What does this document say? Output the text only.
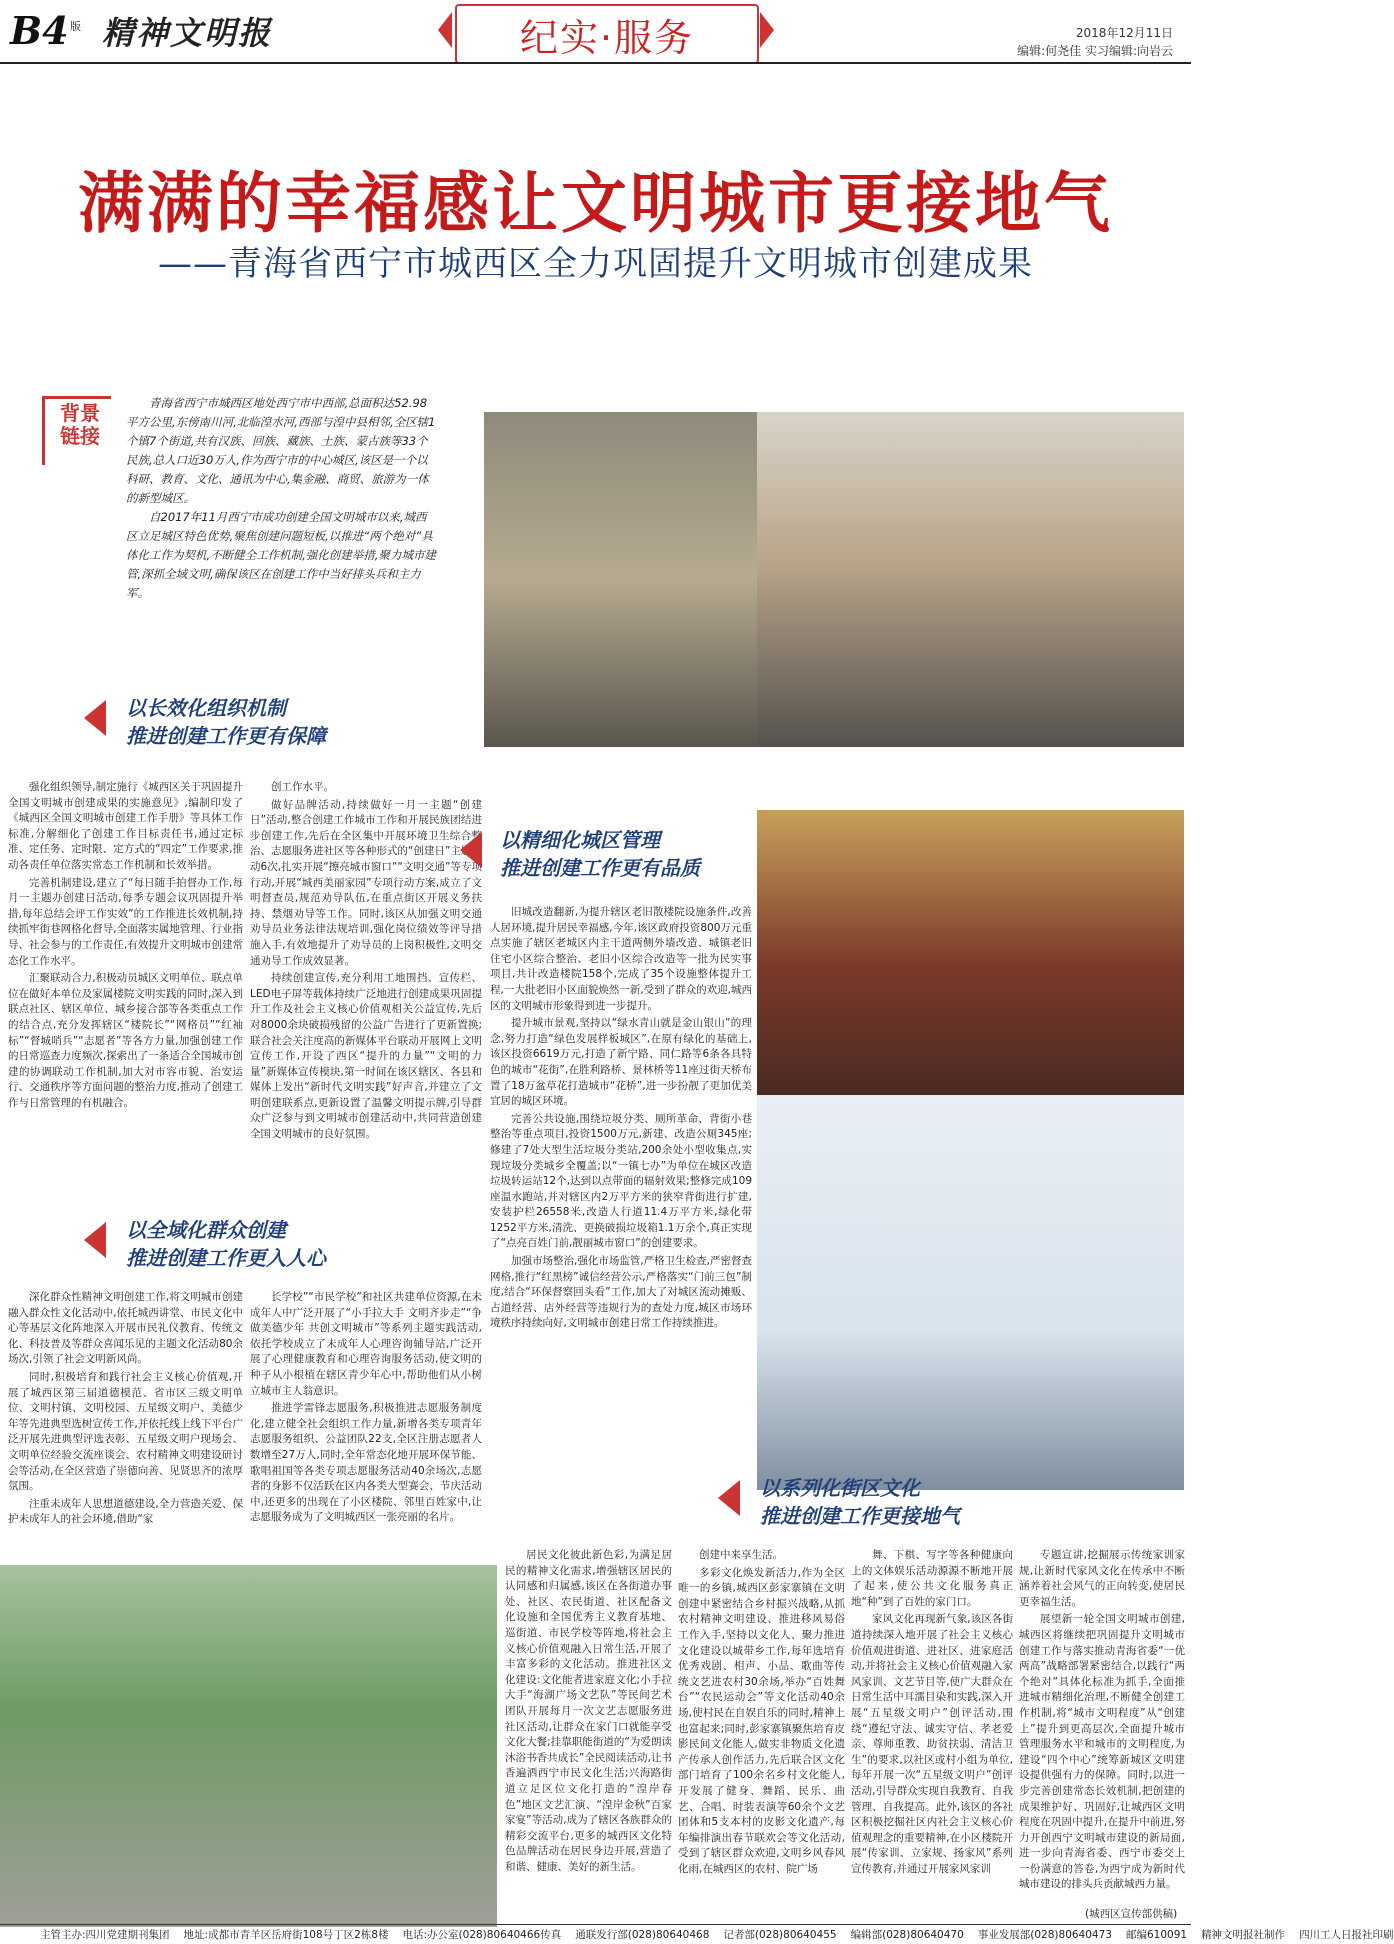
B4 版 精神文明报	纪实·服务	2018年12月11日
编辑:何尧佳 实习编辑:向岩云
满满的幸福感让文明城市更接地气
——青海省西宁市城西区全力巩固提升文明城市创建成果
背景链接

青海省西宁市城西区地处西宁市中西部,总面积达52.98平方公里,东傍南川河,北临湟水河,西部与湟中县相邻,全区辖1个镇7个街道,共有汉族、回族、藏族、土族、蒙古族等33个民族,总人口近30万人,作为西宁市的中心城区,该区是一个以科研、教育、文化、通讯为中心,集金融、商贸、旅游为一体的新型城区。

自2017年11月西宁市成功创建全国文明城市以来,城西区立足城区特色优势,聚焦创建问题短板,以推进“两个绝对”具体化工作为契机,不断健全工作机制,强化创建举措,聚力城市建管,深抓全域文明,确保该区在创建工作中当好排头兵和主力军。

以长效化组织机制
推进创建工作更有保障

强化组织领导,制定施行《城西区关于巩固提升全国文明城市创建成果的实施意见》,编制印发了《城西区全国文明城市创建工作手册》等具体工作标准,分解细化了创建工作目标责任书,通过定标准、定任务、定时限、定方式的“四定”工作要求,推动各责任单位落实常态工作机制和长效举措。

完善机制建设,建立了“每日随手拍督办工作,每月一主题办创建日活动,每季专题会议巩固提升举措,每年总结会评工作实效”的工作推进长效机制,持续抓牢街巷网格化督导,全面落实属地管理、行业指导、社会参与的工作责任,有效提升文明城市创建常态化工作水平。

汇聚联动合力,积极动员城区文明单位、联点单位在做好本单位及家属楼院文明实践的同时,深入到联点社区、辖区单位、城乡接合部等各类重点工作的结合点,充分发挥辖区“楼院长”“网格员”“红袖标”“督城哨兵”“志愿者”等各方力量,加强创建工作的日常巡查力度频次,探索出了一条适合全国城市创建的协调联动工作机制,加大对市容市貌、治安运行、交通秩序等方面问题的整治力度,推动了创建工作与日常管理的有机融合。

创工作水平。

做好品牌活动,持续做好一月一主题“创建日”活动,整合创建工作城市工作和开展民族团结进步创建工作,先后在全区集中开展环境卫生综合整治、志愿服务进社区等各种形式的“创建日”主题活动6次,扎实开展“擦亮城市窗口”“文明交通”等专项行动,开展“城西美丽家园”专项行动方案,成立了文明督查员,规范劝导队伍,在重点街区开展义务扶持、禁烟劝导等工作。同时,该区从加强文明交通劝导员业务法律法规培训,强化岗位绩效等评导措施入手,有效地提升了劝导员的上岗积极性,文明交通劝导工作成效显著。

持续创建宣传,充分利用工地围挡、宣传栏、LED电子屏等载体持续广泛地进行创建成果巩固提升工作及社会主义核心价值观相关公益宣传,先后对8000余块破损残留的公益广告进行了更新置换;联合社会关注度高的新媒体平台联动开展网上文明宣传工作,开设了西区“提升的力量”“文明的力量”新媒体宣传模块,第一时间在该区辖区、各县和媒体上发出“新时代文明实践”好声音,并建立了文明创建联系点,更新设置了温馨文明提示牌,引导群众广泛参与到文明城市创建活动中,共同营造创建全国文明城市的良好氛围。

以精细化城区管理
推进创建工作更有品质

旧城改造翻新,为提升辖区老旧散楼院设施条件,改善人居环境,提升居民幸福感,今年,该区政府投资800万元重点实施了辖区老城区内主干道两侧外墙改造、城镇老旧住宅小区综合整治、老旧小区综合改造等一批为民实事项目,共计改造楼院158个,完成了35个设施整体提升工程,一大批老旧小区面貌焕然一新,受到了群众的欢迎,城西区的文明城市形象得到进一步提升。

提升城市景观,坚持以“绿水青山就是金山银山”的理念,努力打造“绿色发展样板城区”,在原有绿化的基础上,该区投资6619万元,打造了新宁路、同仁路等6条各具特色的城市“花街”,在胜利路桥、景林桥等11座过街天桥布置了18万盆草花打造城市“花桥”,进一步扮靓了更加优美宜居的城区环境。

完善公共设施,围绕垃圾分类、厕所革命、背街小巷整治等重点项目,投资1500万元,新建、改造公厕345座;修建了7处大型生活垃圾分类站,200余处小型收集点,实现垃圾分类城乡全覆盖;以“一镇七办”为单位在城区改造垃圾转运站12个,达到以点带面的辐射效果;整修完成109座温水跑站,并对辖区内2万平方米的狭窄背街进行扩建,安装护栏26558米,改造人行道11.4万平方米,绿化带1252平方米,清洗、更换破损垃圾箱1.1万余个,真正实现了“点亮百姓门前,靓丽城市窗口”的创建要求。

加强市场整治,强化市场监管,严格卫生检查,严密督查网格,推行“红黑榜”诚信经营公示,严格落实“门前三包”制度,结合“环保督察回头看”工作,加大了对城区流动摊贩、占道经营、店外经营等违规行为的查处力度,城区市场环境秩序持续向好,文明城市创建日常工作持续推进。

以全域化群众创建
推进创建工作更入人心

深化群众性精神文明创建工作,将文明城市创建融入群众性文化活动中,依托城西讲堂、市民文化中心等基层文化阵地深入开展市民礼仪教育、传统文化、科技普及等群众喜闻乐见的主题文化活动80余场次,引领了社会文明新风尚。

同时,积极培育和践行社会主义核心价值观,开展了城西区第三届道德模范、省市区三级文明单位、文明村镇、文明校园、五星级文明户、美德少年等先进典型选树宣传工作,并依托线上线下平台广泛开展先进典型评选表彰、五星级文明户现场会、文明单位经验交流座谈会、农村精神文明建设研讨会等活动,在全区营造了崇德向善、见贤思齐的浓厚氛围。

注重未成年人思想道德建设,全力营造关爱、保护未成年人的社会环境,借助“家

长学校”“市民学校”和社区共建单位资源,在未成年人中广泛开展了“小手拉大手 文明齐步走”“争做美德少年 共创文明城市”等系列主题实践活动,依托学校成立了未成年人心理咨询辅导站,广泛开展了心理健康教育和心理咨询服务活动,使文明的种子从小根植在辖区青少年心中,帮助他们从小树立城市主人翁意识。

推进学雷锋志愿服务,积极推进志愿服务制度化,建立健全社会组织工作力量,新增各类专项青年志愿服务组织、公益团队22支,全区注册志愿者人数增至27万人,同时,全年常态化地开展环保节能、歌唱祖国等各类专项志愿服务活动40余场次,志愿者的身影不仅活跃在区内各类大型赛会、节庆活动中,还更多的出现在了小区楼院、邻里百姓家中,让志愿服务成为了文明城西区一张亮丽的名片。

以系列化街区文化
推进创建工作更接地气

居民文化彼此新色彩,为满足居民的精神文化需求,增强辖区居民的认同感和归属感,该区在各街道办事处、社区、农民街道、社区配备文化设施和全国优秀主义教育基地、巡街道、市民学校等阵地,将社会主义核心价值观融入日常生活,开展了丰富多彩的文化活动。推进社区文化建设:文化能者进家庭文化;小手拉大手“海湖广场文艺队”等民间艺术团队开展每月一次文艺志愿服务进社区活动,让群众在家门口就能享受文化大餐;挂靠职能街道的“为爱朗读 沐浴书香共成长”全民阅读活动,让书香遍洒西宁市民文化生活;兴海路街道立足区位文化打造的“湟岸春色”地区文艺汇演、“湟岸金秋”百家家宴”等活动,成为了辖区各族群众的精彩交流平台,更多的城西区文化特色品牌活动在居民身边开展,营造了和谐、健康、美好的新生活。

创建中来享生活。

多彩文化焕发新活力,作为全区唯一的乡镇,城西区彭家寨镇在文明创建中紧密结合乡村振兴战略,从抓农村精神文明建设、推进移风易俗工作入手,坚持以文化人、聚力推进文化建设以城带乡工作,每年选培育优秀戏剧、相声、小品、歌曲等传统文艺进农村30余场,举办“百姓舞台”“农民运动会”等文化活动40余场,使村民在自娱自乐的同时,精神上也富起来;同时,彭家寨镇聚焦培育皮影民间文化能人,做实非物质文化遗产传承人创作活力,先后联合区文化部门培育了100余名乡村文化能人,开发展了健身、舞蹈、民乐、曲艺、合唱、时装表演等60余个文艺团体和5支本村的皮影文化遗产,每年编排演出春节联欢会等文化活动,受到了辖区群众欢迎,文明乡风春风化雨,在城西区的农村、院广场

舞、下棋、写字等各种健康向上的文体娱乐活动源源不断地开展了起来,使公共文化服务真正地“种”到了百姓的家门口。

家风文化再现新气象,该区各街道持续深入地开展了社会主义核心价值观进街道、进社区、进家庭活动,并将社会主义核心价值观融入家风家训、文艺节目等,使广大群众在日常生活中耳濡目染和实践,深入开展“五星级文明户”创评活动,围绕“遵纪守法、诚实守信、孝老爱亲、尊师重教、助贫扶弱、清洁卫生”的要求,以社区或村小组为单位,每年开展一次“五星级文明户”创评活动,引导群众实现自我教育、自我管理、自我提高。此外,该区的各社区积极挖掘社区内社会主义核心价值观理念的重要精神,在小区楼院开展“传家训、立家规、扬家风”系列宣传教育,并通过开展家风家训

专题宣讲,挖掘展示传统家训家规,让新时代家风文化在传承中不断涵养着社会风气的正向转变,使居民更幸福生活。

展望新一轮全国文明城市创建,城西区将继续把巩固提升文明城市创建工作与落实推动青海省委“一优两高”战略部署紧密结合,以践行“两个绝对”具体化标准为抓手,全面推进城市精细化治理,不断健全创建工作机制,将“城市文明程度”从“创建上”提升到更高层次,全面提升城市管理服务水平和城市的文明程度,为建设“四个中心”统筹新城区文明建设提供强有力的保障。同时,以进一步完善创建常态长效机制,把创建的成果维护好、巩固好,让城西区文明程度在巩固中提升,在提升中前进,努力开创西宁文明城市建设的新局面,进一步向青海省委、西宁市委交上一份满意的答卷,为西宁成为新时代城市建设的排头兵贡献城西力量。

(城西区宣传部供稿)
主管主办:四川党建期刊集团 地址:成都市青羊区岳府街108号丁区2栋8楼 电话:办公室(028)80640466传真 通联发行部(028)80640468 记者部(028)80640455 编辑部(028)80640470 事业发展部(028)80640473 邮编610091 精神文明报社制作 四川工人日报社印刷
